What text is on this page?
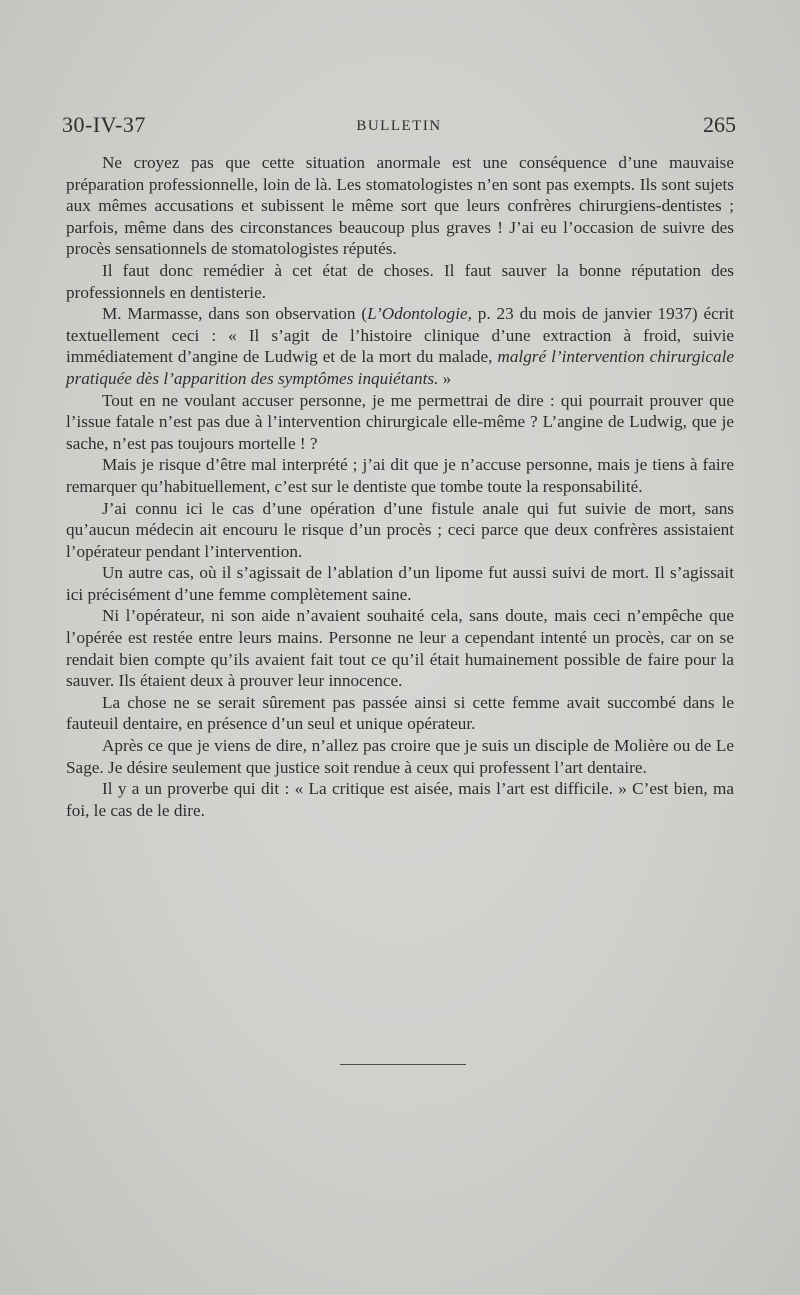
30-IV-37	BULLETIN	265

Ne croyez pas que cette situation anormale est une conséquence d’une mauvaise préparation professionnelle, loin de là. Les stomatologistes n’en sont pas exempts. Ils sont sujets aux mêmes accusations et subissent le même sort que leurs confrères chirurgiens-dentistes ; parfois, même dans des circonstances beaucoup plus graves ! J’ai eu l’occasion de suivre des procès sensationnels de stomatologistes réputés.

Il faut donc remédier à cet état de choses. Il faut sauver la bonne réputation des professionnels en dentisterie.

M. Marmasse, dans son observation (L’Odontologie, p. 23 du mois de janvier 1937) écrit textuellement ceci : « Il s’agit de l’histoire clinique d’une extraction à froid, suivie immédiatement d’angine de Ludwig et de la mort du malade, malgré l’intervention chirurgicale pratiquée dès l’apparition des symptômes inquiétants. »

Tout en ne voulant accuser personne, je me permettrai de dire : qui pourrait prouver que l’issue fatale n’est pas due à l’intervention chirurgicale elle-même ? L’angine de Ludwig, que je sache, n’est pas toujours mortelle ! ?

Mais je risque d’être mal interprété ; j’ai dit que je n’accuse personne, mais je tiens à faire remarquer qu’habituellement, c’est sur le dentiste que tombe toute la responsabilité.

J’ai connu ici le cas d’une opération d’une fistule anale qui fut suivie de mort, sans qu’aucun médecin ait encouru le risque d’un procès ; ceci parce que deux confrères assistaient l’opérateur pendant l’intervention.

Un autre cas, où il s’agissait de l’ablation d’un lipome fut aussi suivi de mort. Il s’agissait ici précisément d’une femme complètement saine.

Ni l’opérateur, ni son aide n’avaient souhaité cela, sans doute, mais ceci n’empêche que l’opérée est restée entre leurs mains. Personne ne leur a cependant intenté un procès, car on se rendait bien compte qu’ils avaient fait tout ce qu’il était humainement possible de faire pour la sauver. Ils étaient deux à prouver leur innocence.

La chose ne se serait sûrement pas passée ainsi si cette femme avait succombé dans le fauteuil dentaire, en présence d’un seul et unique opérateur.

Après ce que je viens de dire, n’allez pas croire que je suis un disciple de Molière ou de Le Sage. Je désire seulement que justice soit rendue à ceux qui professent l’art dentaire.

Il y a un proverbe qui dit : « La critique est aisée, mais l’art est difficile. » C’est bien, ma foi, le cas de le dire.
